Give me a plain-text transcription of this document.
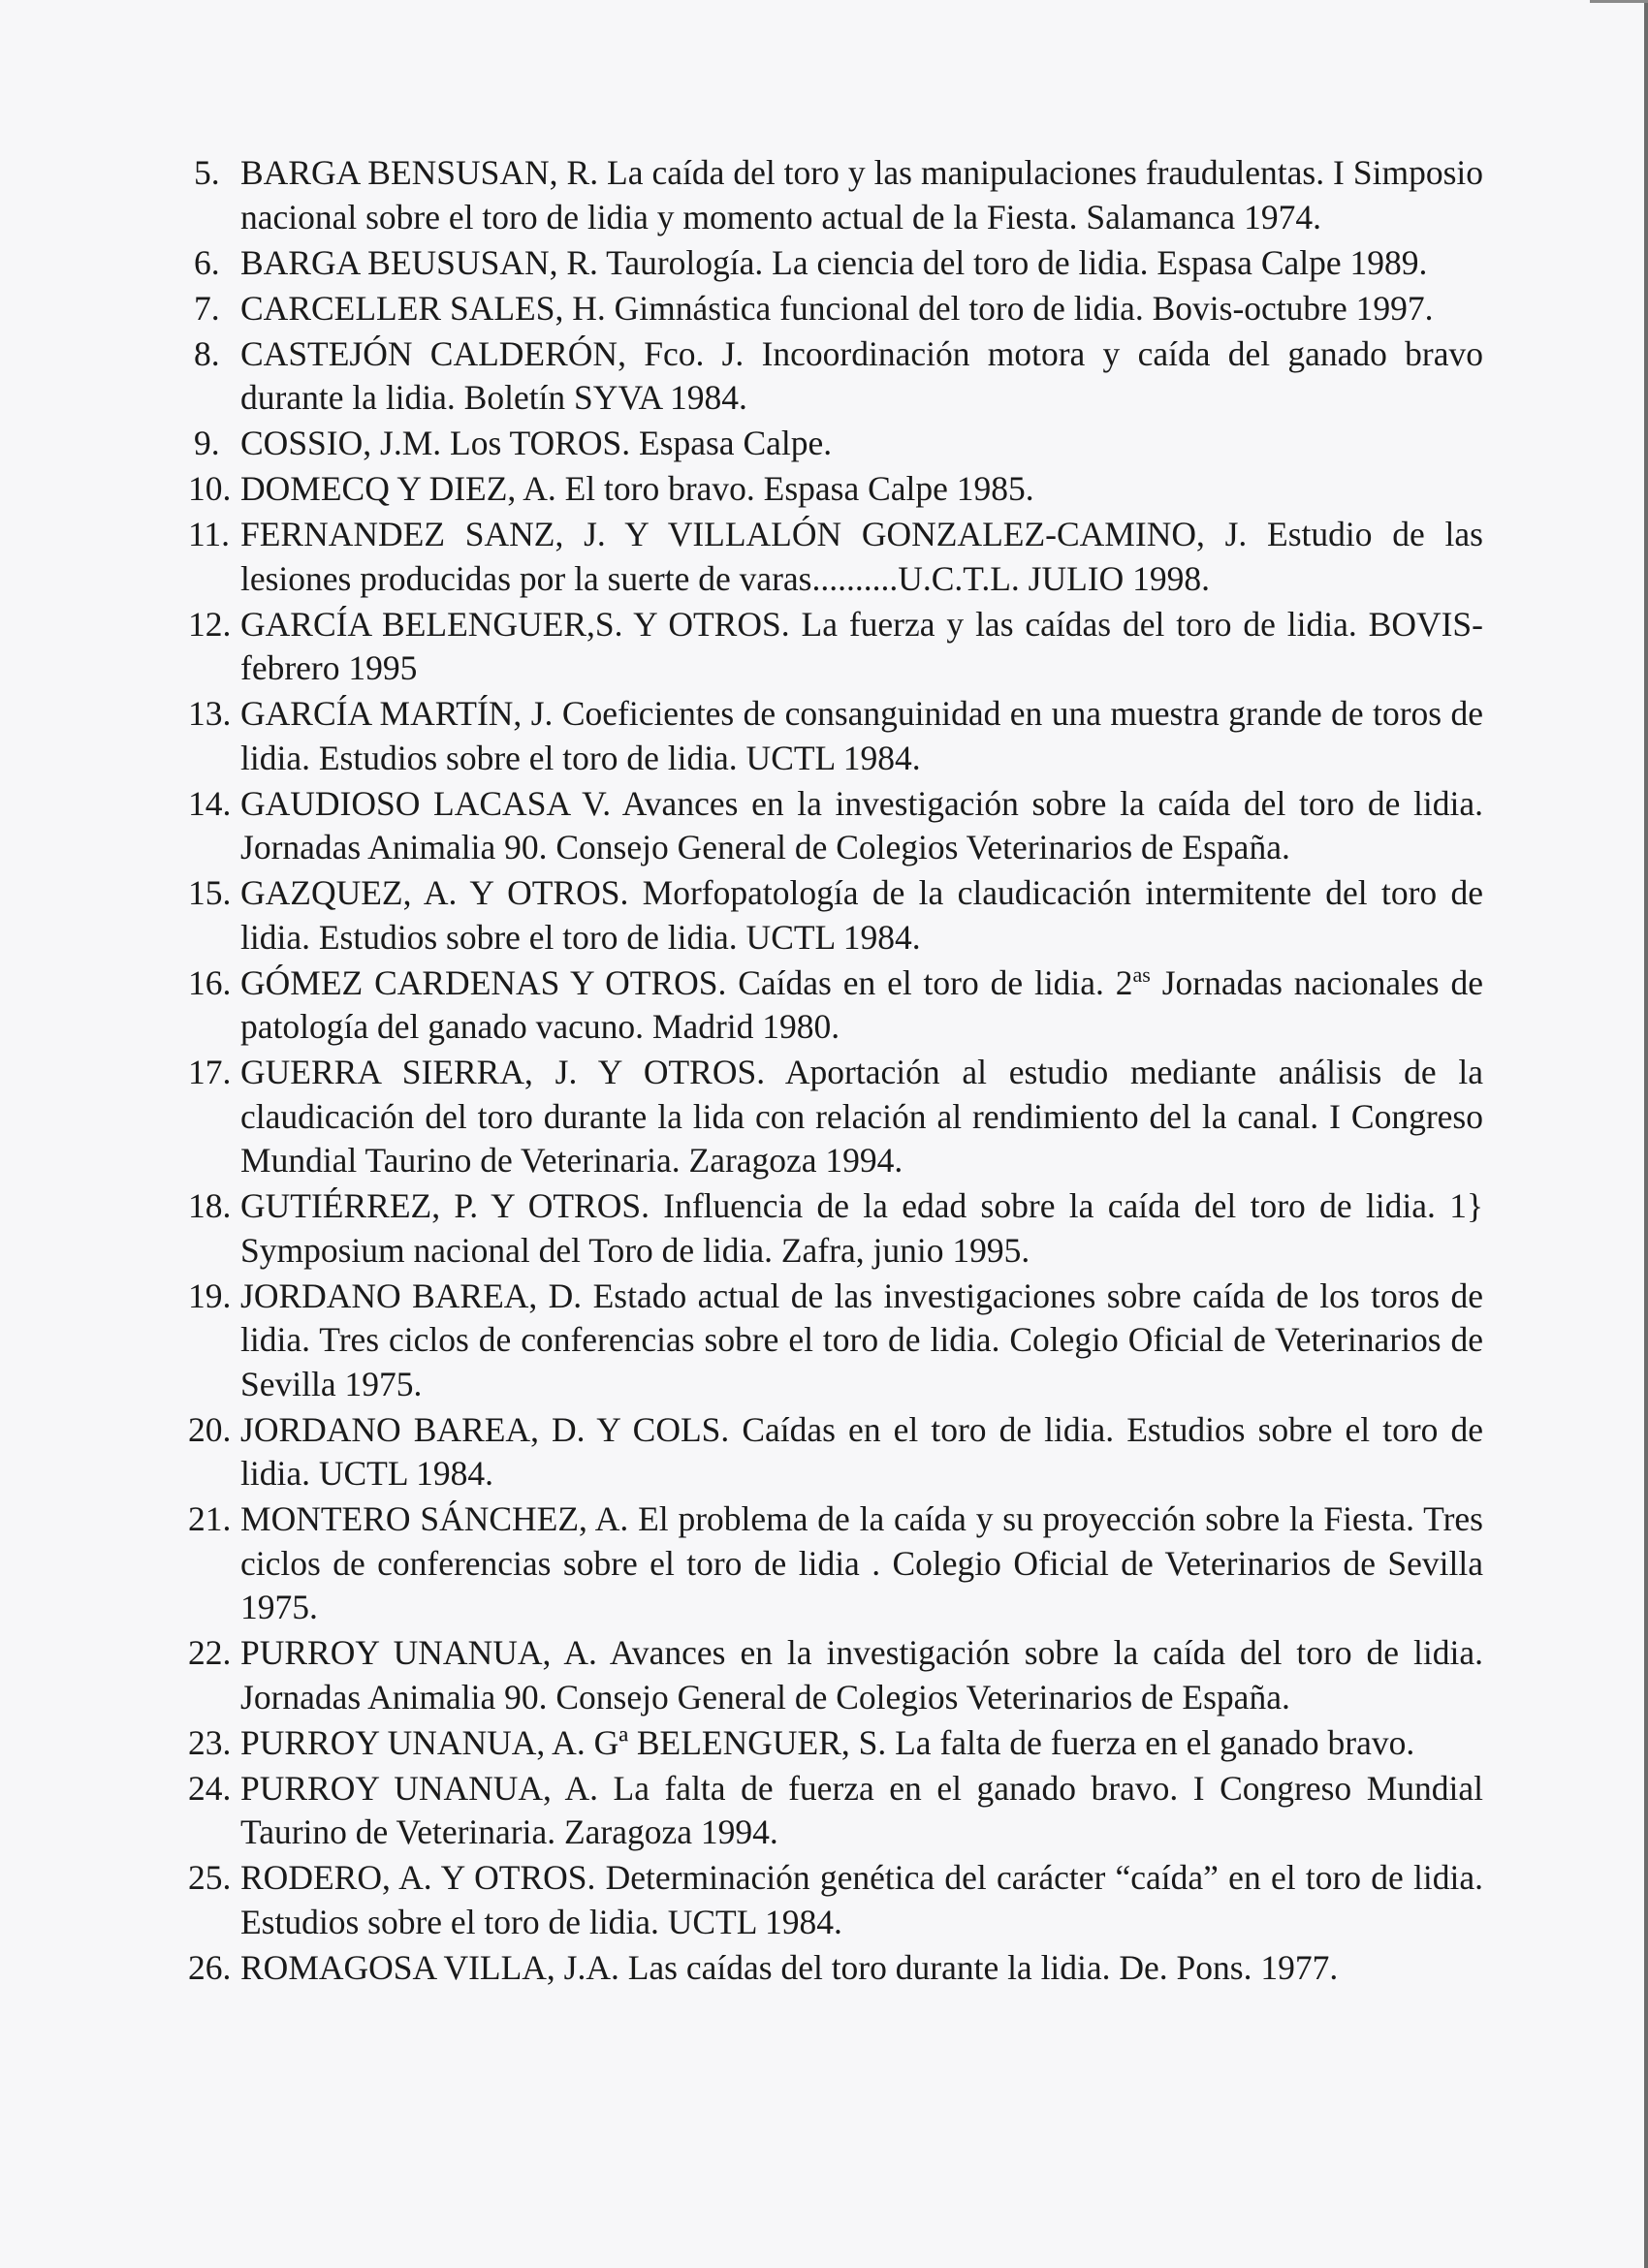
5. BARGA BENSUSAN, R. La caída del toro y las manipulaciones fraudulentas. I Simposio nacional sobre el toro de lidia y momento actual de la Fiesta. Salamanca 1974.
6. BARGA BEUSUSAN, R. Taurología. La ciencia del toro de lidia. Espasa Calpe 1989.
7. CARCELLER SALES, H. Gimnástica funcional del toro de lidia. Bovis-octubre 1997.
8. CASTEJÓN CALDERÓN, Fco. J. Incoordinación motora y caída del ganado bravo durante la lidia. Boletín SYVA 1984.
9. COSSIO, J.M. Los TOROS. Espasa Calpe.
10. DOMECQ Y DIEZ, A. El toro bravo. Espasa Calpe 1985.
11. FERNANDEZ SANZ, J. Y VILLALÓN GONZALEZ-CAMINO, J. Estudio de las lesiones producidas por la suerte de varas..........U.C.T.L. JULIO 1998.
12. GARCÍA BELENGUER,S. Y OTROS. La fuerza y las caídas del toro de lidia. BOVIS- febrero 1995
13. GARCÍA MARTÍN, J. Coeficientes de consanguinidad en una muestra grande de toros de lidia. Estudios sobre el toro de lidia. UCTL 1984.
14. GAUDIOSO LACASA V. Avances en la investigación sobre la caída del toro de lidia. Jornadas Animalia 90. Consejo General de Colegios Veterinarios de España.
15. GAZQUEZ, A. Y OTROS. Morfopatología de la claudicación intermitente del toro de lidia. Estudios sobre el toro de lidia. UCTL 1984.
16. GÓMEZ CARDENAS Y OTROS. Caídas en el toro de lidia. $2^{as}$ Jornadas nacionales de patología del ganado vacuno. Madrid 1980.
17. GUERRA SIERRA, J. Y OTROS. Aportación al estudio mediante análisis de la claudicación del toro durante la lida con relación al rendimiento del la canal. I Congreso Mundial Taurino de Veterinaria. Zaragoza 1994.
18. GUTIÉRREZ, P. Y OTROS. Influencia de la edad sobre la caída del toro de lidia. 1} Symposium nacional del Toro de lidia. Zafra, junio 1995.
19. JORDANO BAREA, D. Estado actual de las investigaciones sobre caída de los toros de lidia. Tres ciclos de conferencias sobre el toro de lidia. Colegio Oficial de Veterinarios de Sevilla 1975.
20. JORDANO BAREA, D. Y COLS. Caídas en el toro de lidia. Estudios sobre el toro de lidia. UCTL 1984.
21. MONTERO SÁNCHEZ, A. El problema de la caída y su proyección sobre la Fiesta. Tres ciclos de conferencias sobre el toro de lidia . Colegio Oficial de Veterinarios de Sevilla 1975.
22. PURROY UNANUA, A. Avances en la investigación sobre la caída del toro de lidia. Jornadas Animalia 90. Consejo General de Colegios Veterinarios de España.
23. PURROY UNANUA, A. Gª BELENGUER, S. La falta de fuerza en el ganado bravo.
24. PURROY UNANUA, A. La falta de fuerza en el ganado bravo. I Congreso Mundial Taurino de Veterinaria. Zaragoza 1994.
25. RODERO, A. Y OTROS. Determinación genética del carácter “caída” en el toro de lidia. Estudios sobre el toro de lidia. UCTL 1984.
26. ROMAGOSA VILLA, J.A. Las caídas del toro durante la lidia. De. Pons. 1977.
